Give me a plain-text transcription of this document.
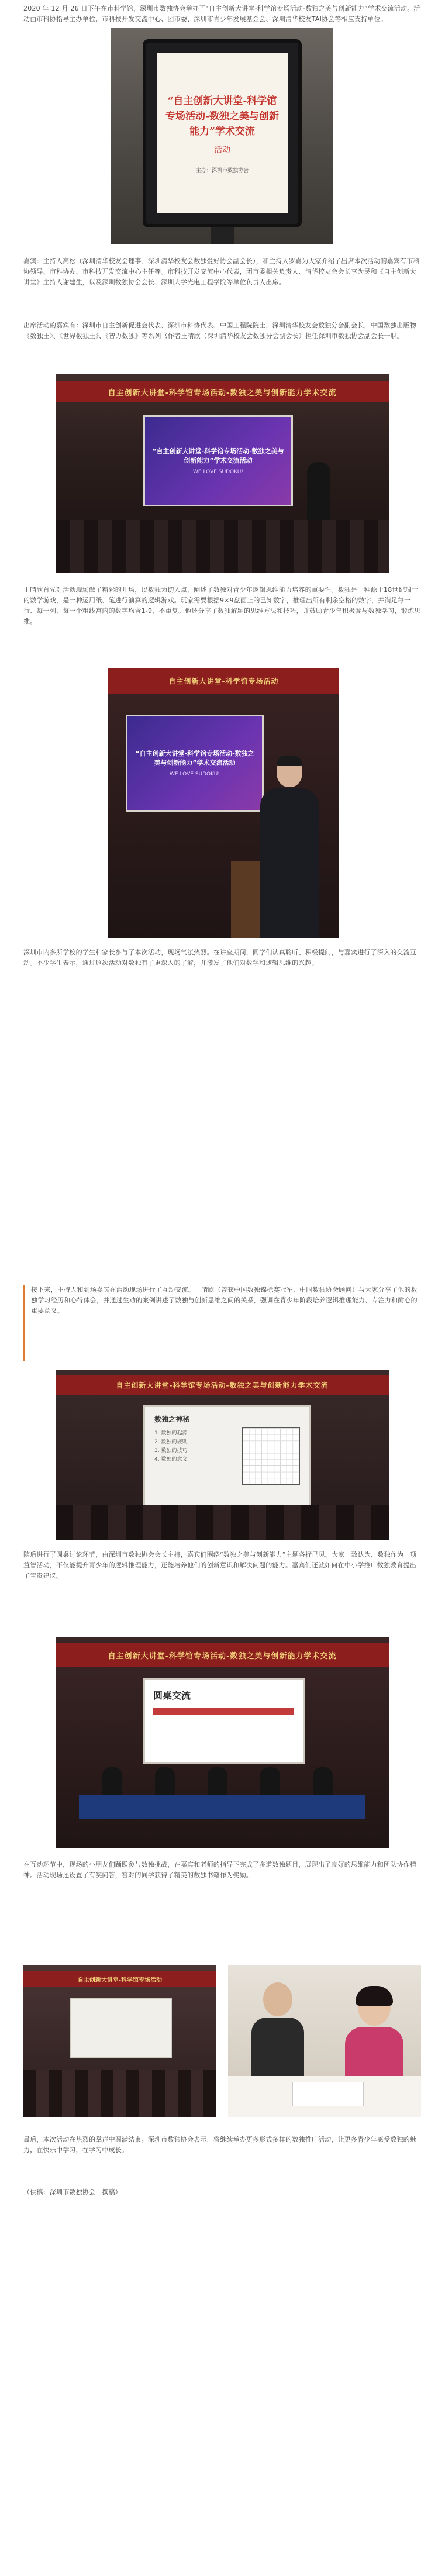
2020 年 12 月 26 日下午在市科学馆，深圳市数独协会举办了“自主创新大讲堂-科学馆专场活动-数独之美与创新能力”学术交流活动。活动由市科协指导主办单位，市科技开发交流中心、团市委、深圳市青少年发展基金会、深圳清华校友TAI协会等相应支持单位。

“自主创新大讲堂-科学馆专场活动-数独之美与创新能力”学术交流
活动
主办：深圳市数独协会

嘉宾：主持人高松（深圳清华校友会理事、深圳清华校友会数独爱好协会副会长），和主持人罗嘉为大家介绍了出席本次活动的嘉宾有市科协领导、市科协办、市科技开发交流中心主任等。市科技开发交流中心代表，团市委相关负责人、清华校友会会长李为民和《自主创新大讲堂》主持人谢建生，以及深圳数独协会会长、深圳大学光电工程学院等单位负责人出席。

出席活动的嘉宾有：深圳市自主创新促进会代表、深圳市科协代表、中国工程院院士，深圳清华校友会数独分会副会长，中国数独出版物《数独王》、《世界数独王》、《智力数独》等系列书作者王晴欣（深圳清华校友会数独分会副会长）担任深圳市数独协会副会长一职。

自主创新大讲堂-科学馆专场活动-数独之美与创新能力学术交流
“自主创新大讲堂-科学馆专场活动-数独之美与创新能力”学术交流活动
WE LOVE SUDOKU!

王晴欣首先对活动现场做了精彩的开场，以数独为切入点，阐述了数独对青少年逻辑思维能力培养的重要性。数独是一种源于18世纪瑞士的数学游戏，是一种运用纸、笔进行演算的逻辑游戏。玩家需要根据9×9盘面上的已知数字，推理出所有剩余空格的数字，并满足每一行、每一列、每一个粗线宫内的数字均含1-9，不重复。他还分享了数独解题的思维方法和技巧，并鼓励青少年积极参与数独学习，锻炼思维。

自主创新大讲堂-科学馆专场活动
“自主创新大讲堂-科学馆专场活动-数独之美与创新能力”学术交流活动
WE LOVE SUDOKU!

深圳市内多所学校的学生和家长参与了本次活动，现场气氛热烈。在讲座期间，同学们认真聆听、积极提问，与嘉宾进行了深入的交流互动。不少学生表示，通过这次活动对数独有了更深入的了解，并激发了他们对数学和逻辑思维的兴趣。

接下来，主持人和到场嘉宾在活动现场进行了互动交流。王晴欣（曾获中国数独锦标赛冠军、中国数独协会顾问）与大家分享了他的数独学习经历和心得体会，并通过生动的案例讲述了数独与创新思维之间的关系，强调在青少年阶段培养逻辑推理能力、专注力和耐心的重要意义。

自主创新大讲堂-科学馆专场活动-数独之美与创新能力学术交流
数独之神秘
1. 数独的起源
2. 数独的规则
3. 数独的技巧
4. 数独的意义

随后进行了圆桌讨论环节，由深圳市数独协会会长主持，嘉宾们围绕“数独之美与创新能力”主题各抒己见。大家一致认为，数独作为一项益智活动，不仅能提升青少年的逻辑推理能力，还能培养他们的创新意识和解决问题的能力。嘉宾们还就如何在中小学推广数独教育提出了宝贵建议。

自主创新大讲堂-科学馆专场活动-数独之美与创新能力学术交流
圆桌交流

在互动环节中，现场的小朋友们踊跃参与数独挑战，在嘉宾和老师的指导下完成了多道数独题目，展现出了良好的思维能力和团队协作精神。活动现场还设置了有奖问答，答对的同学获得了精美的数独书籍作为奖励。

自主创新大讲堂-科学馆专场活动

最后，本次活动在热烈的掌声中圆满结束。深圳市数独协会表示，将继续举办更多形式多样的数独推广活动，让更多青少年感受数独的魅力，在快乐中学习，在学习中成长。

（供稿：深圳市数独协会　撰稿）
